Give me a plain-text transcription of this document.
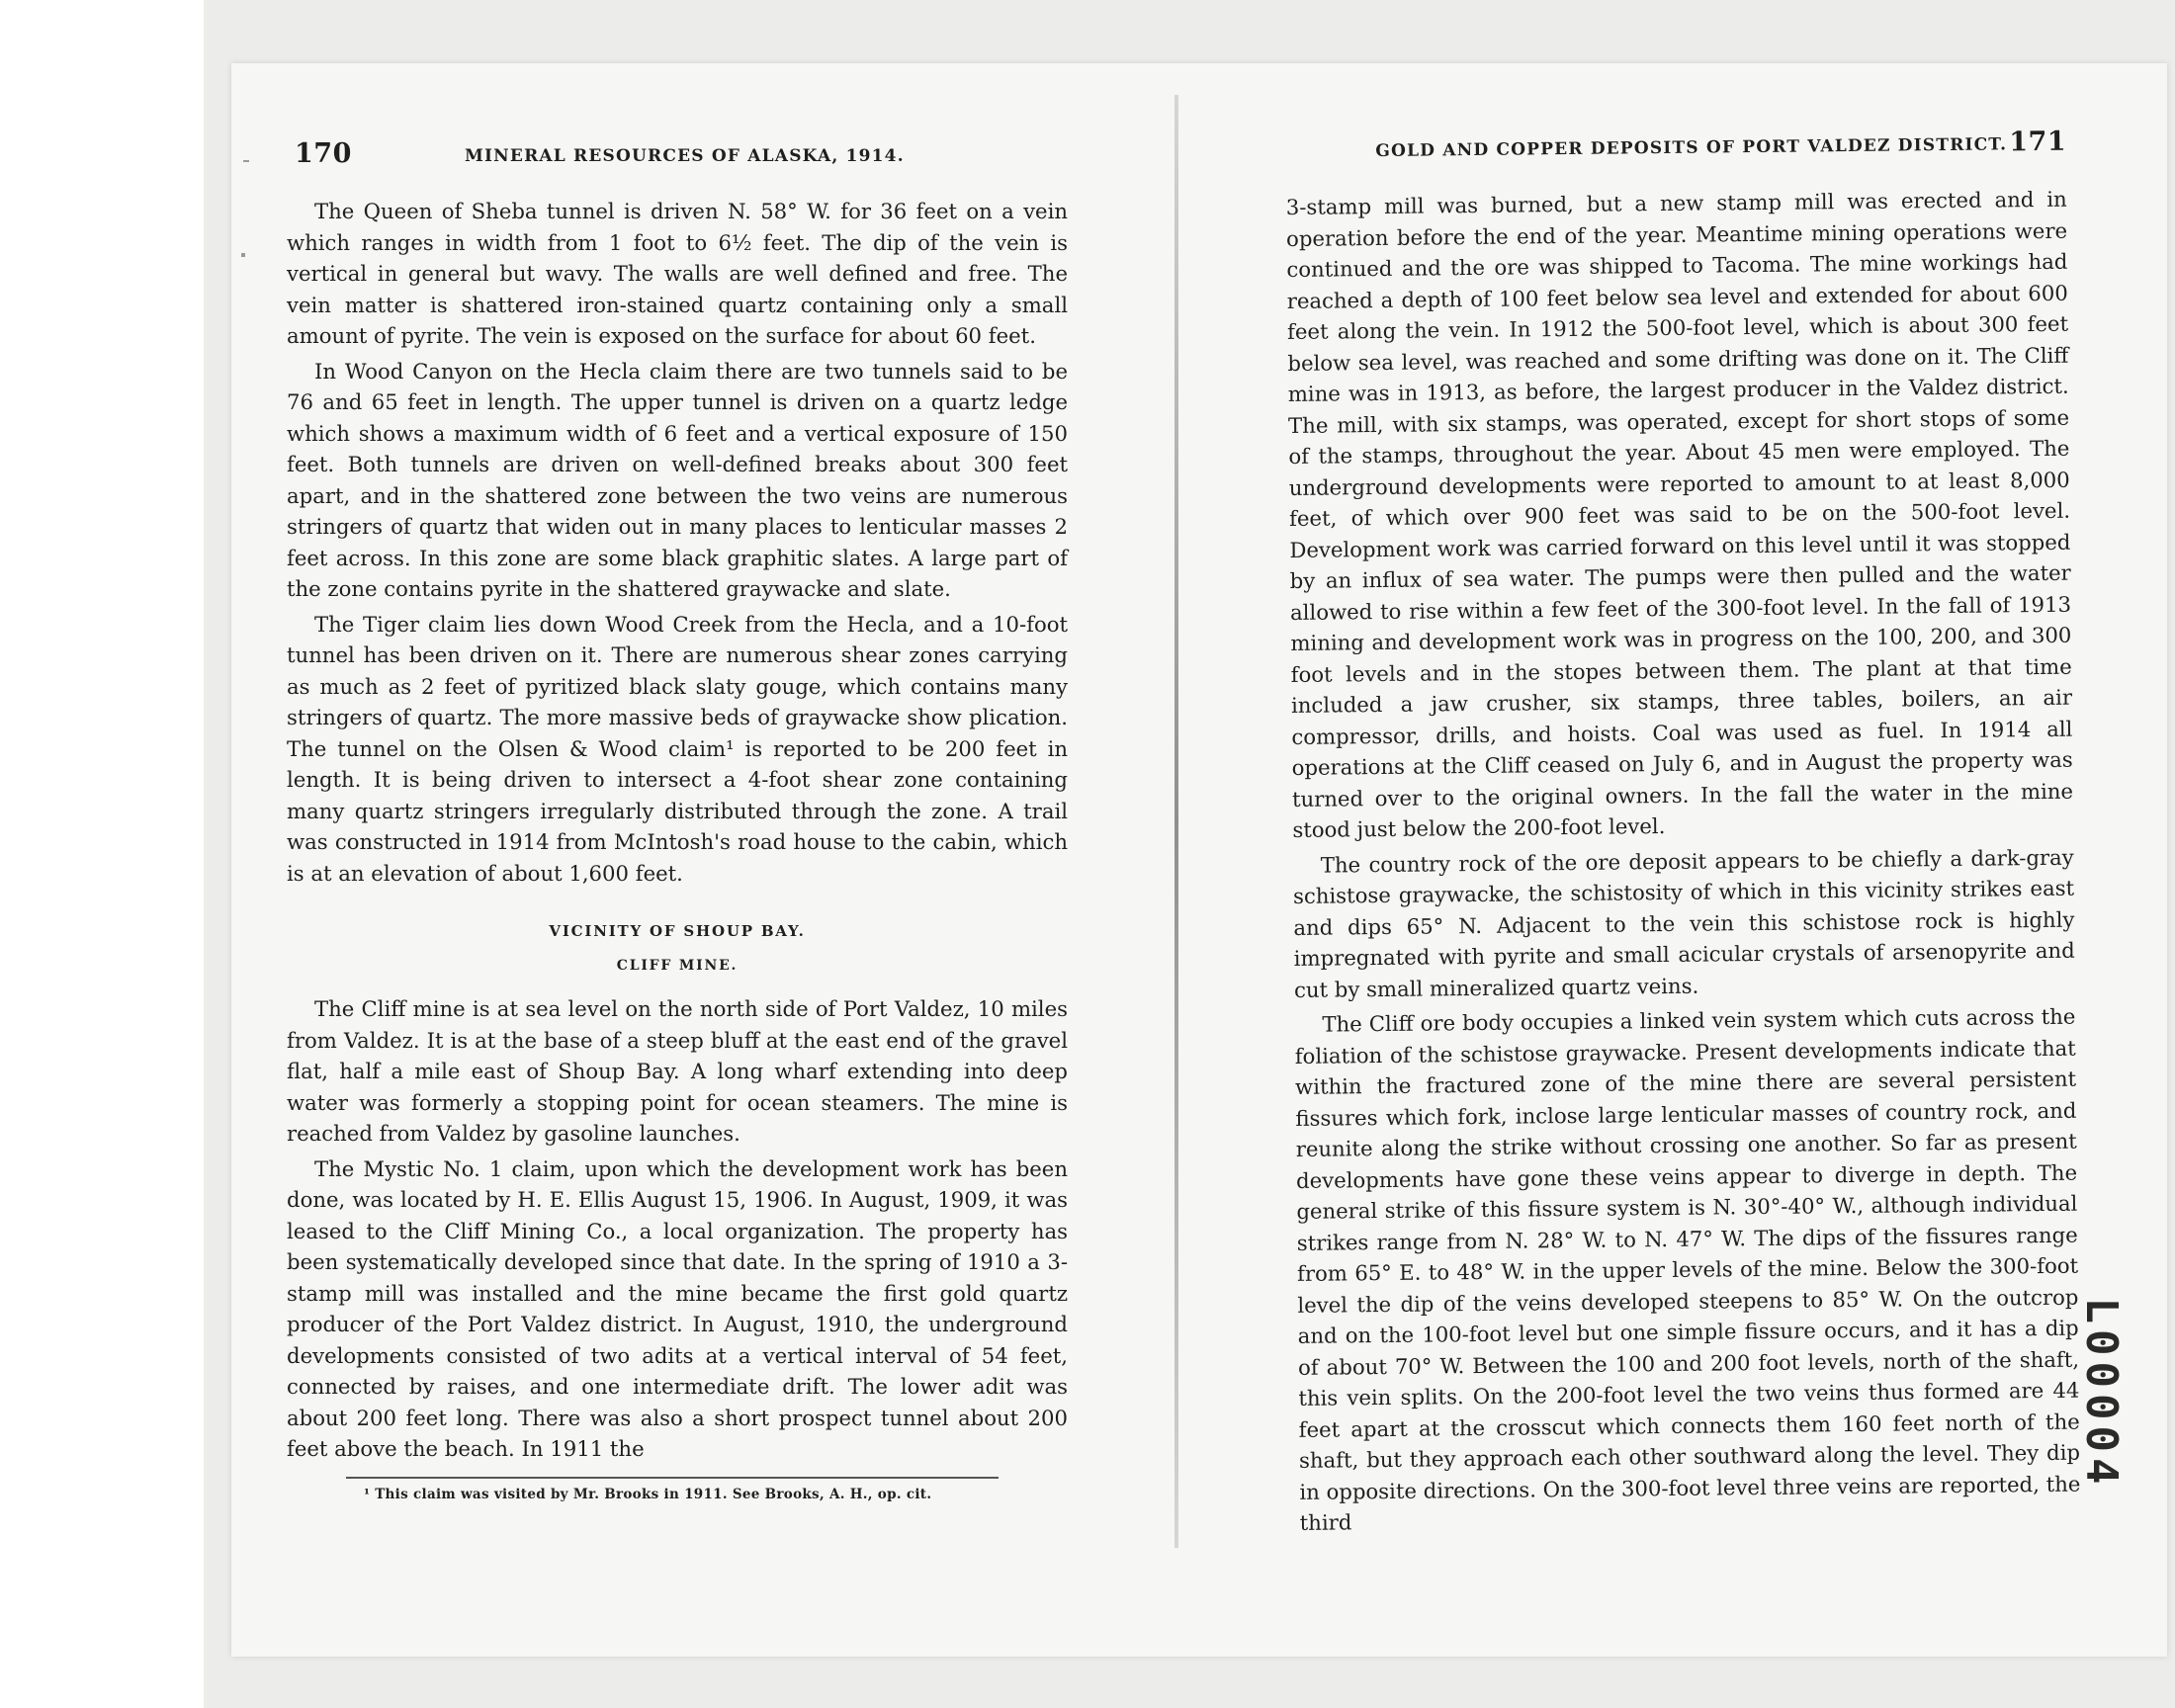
170	MINERAL RESOURCES OF ALASKA, 1914.

The Queen of Sheba tunnel is driven N. 58° W. for 36 feet on a vein which ranges in width from 1 foot to 6½ feet. The dip of the vein is vertical in general but wavy. The walls are well defined and free. The vein matter is shattered iron-stained quartz containing only a small amount of pyrite. The vein is exposed on the surface for about 60 feet.

In Wood Canyon on the Hecla claim there are two tunnels said to be 76 and 65 feet in length. The upper tunnel is driven on a quartz ledge which shows a maximum width of 6 feet and a vertical exposure of 150 feet. Both tunnels are driven on well-defined breaks about 300 feet apart, and in the shattered zone between the two veins are numerous stringers of quartz that widen out in many places to lenticular masses 2 feet across. In this zone are some black graphitic slates. A large part of the zone contains pyrite in the shattered graywacke and slate.

The Tiger claim lies down Wood Creek from the Hecla, and a 10-foot tunnel has been driven on it. There are numerous shear zones carrying as much as 2 feet of pyritized black slaty gouge, which contains many stringers of quartz. The more massive beds of graywacke show plication. The tunnel on the Olsen & Wood claim¹ is reported to be 200 feet in length. It is being driven to intersect a 4-foot shear zone containing many quartz stringers irregularly distributed through the zone. A trail was constructed in 1914 from McIntosh's road house to the cabin, which is at an elevation of about 1,600 feet.

VICINITY OF SHOUP BAY.
CLIFF MINE.

The Cliff mine is at sea level on the north side of Port Valdez, 10 miles from Valdez. It is at the base of a steep bluff at the east end of the gravel flat, half a mile east of Shoup Bay. A long wharf extending into deep water was formerly a stopping point for ocean steamers. The mine is reached from Valdez by gasoline launches.

The Mystic No. 1 claim, upon which the development work has been done, was located by H. E. Ellis August 15, 1906. In August, 1909, it was leased to the Cliff Mining Co., a local organization. The property has been systematically developed since that date. In the spring of 1910 a 3-stamp mill was installed and the mine became the first gold quartz producer of the Port Valdez district. In August, 1910, the underground developments consisted of two adits at a vertical interval of 54 feet, connected by raises, and one intermediate drift. The lower adit was about 200 feet long. There was also a short prospect tunnel about 200 feet above the beach. In 1911 the

¹ This claim was visited by Mr. Brooks in 1911. See Brooks, A. H., op. cit.
GOLD AND COPPER DEPOSITS OF PORT VALDEZ DISTRICT. 171

3-stamp mill was burned, but a new stamp mill was erected and in operation before the end of the year. Meantime mining operations were continued and the ore was shipped to Tacoma. The mine workings had reached a depth of 100 feet below sea level and extended for about 600 feet along the vein. In 1912 the 500-foot level, which is about 300 feet below sea level, was reached and some drifting was done on it. The Cliff mine was in 1913, as before, the largest producer in the Valdez district. The mill, with six stamps, was operated, except for short stops of some of the stamps, throughout the year. About 45 men were employed. The underground developments were reported to amount to at least 8,000 feet, of which over 900 feet was said to be on the 500-foot level. Development work was carried forward on this level until it was stopped by an influx of sea water. The pumps were then pulled and the water allowed to rise within a few feet of the 300-foot level. In the fall of 1913 mining and development work was in progress on the 100, 200, and 300 foot levels and in the stopes between them. The plant at that time included a jaw crusher, six stamps, three tables, boilers, an air compressor, drills, and hoists. Coal was used as fuel. In 1914 all operations at the Cliff ceased on July 6, and in August the property was turned over to the original owners. In the fall the water in the mine stood just below the 200-foot level.

The country rock of the ore deposit appears to be chiefly a dark-gray schistose graywacke, the schistosity of which in this vicinity strikes east and dips 65° N. Adjacent to the vein this schistose rock is highly impregnated with pyrite and small acicular crystals of arsenopyrite and cut by small mineralized quartz veins.

The Cliff ore body occupies a linked vein system which cuts across the foliation of the schistose graywacke. Present developments indicate that within the fractured zone of the mine there are several persistent fissures which fork, inclose large lenticular masses of country rock, and reunite along the strike without crossing one another. So far as present developments have gone these veins appear to diverge in depth. The general strike of this fissure system is N. 30°-40° W., although individual strikes range from N. 28° W. to N. 47° W. The dips of the fissures range from 65° E. to 48° W. in the upper levels of the mine. Below the 300-foot level the dip of the veins developed steepens to 85° W. On the outcrop and on the 100-foot level but one simple fissure occurs, and it has a dip of about 70° W. Between the 100 and 200 foot levels, north of the shaft, this vein splits. On the 200-foot level the two veins thus formed are 44 feet apart at the crosscut which connects them 160 feet north of the shaft, but they approach each other southward along the level. They dip in opposite directions. On the 300-foot level three veins are reported, the third

L00004
